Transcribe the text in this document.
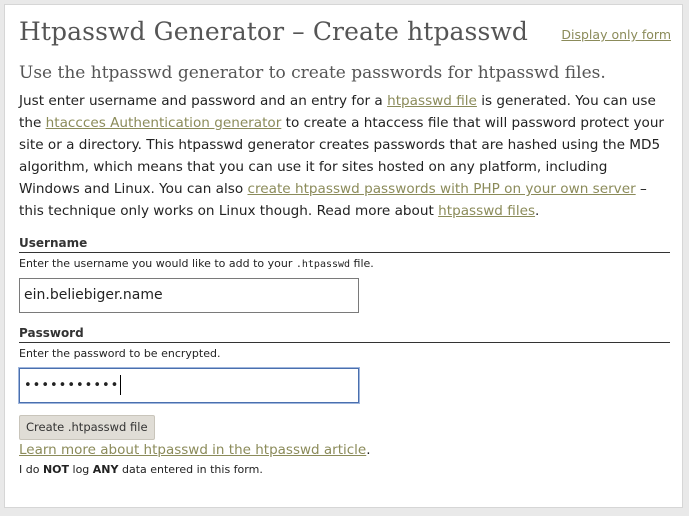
Htpasswd Generator – Create htpasswd	Display only form
Use the htpasswd generator to create passwords for htpasswd files.
Just enter username and password and an entry for a htpasswd file is generated. You can use
the htaccces Authentication generator to create a htaccess file that will password protect your
site or a directory. This htpasswd generator creates passwords that are hashed using the MD5
algorithm, which means that you can use it for sites hosted on any platform, including
Windows and Linux. You can also create htpasswd passwords with PHP on your own server –
this technique only works on Linux though. Read more about htpasswd files.
Username
Enter the username you would like to add to your .htpasswd file.
ein.beliebiger.name
Password
Enter the password to be encrypted.
•••••••••••
Create .htpasswd file
Learn more about htpasswd in the htpasswd article.
I do NOT log ANY data entered in this form.
